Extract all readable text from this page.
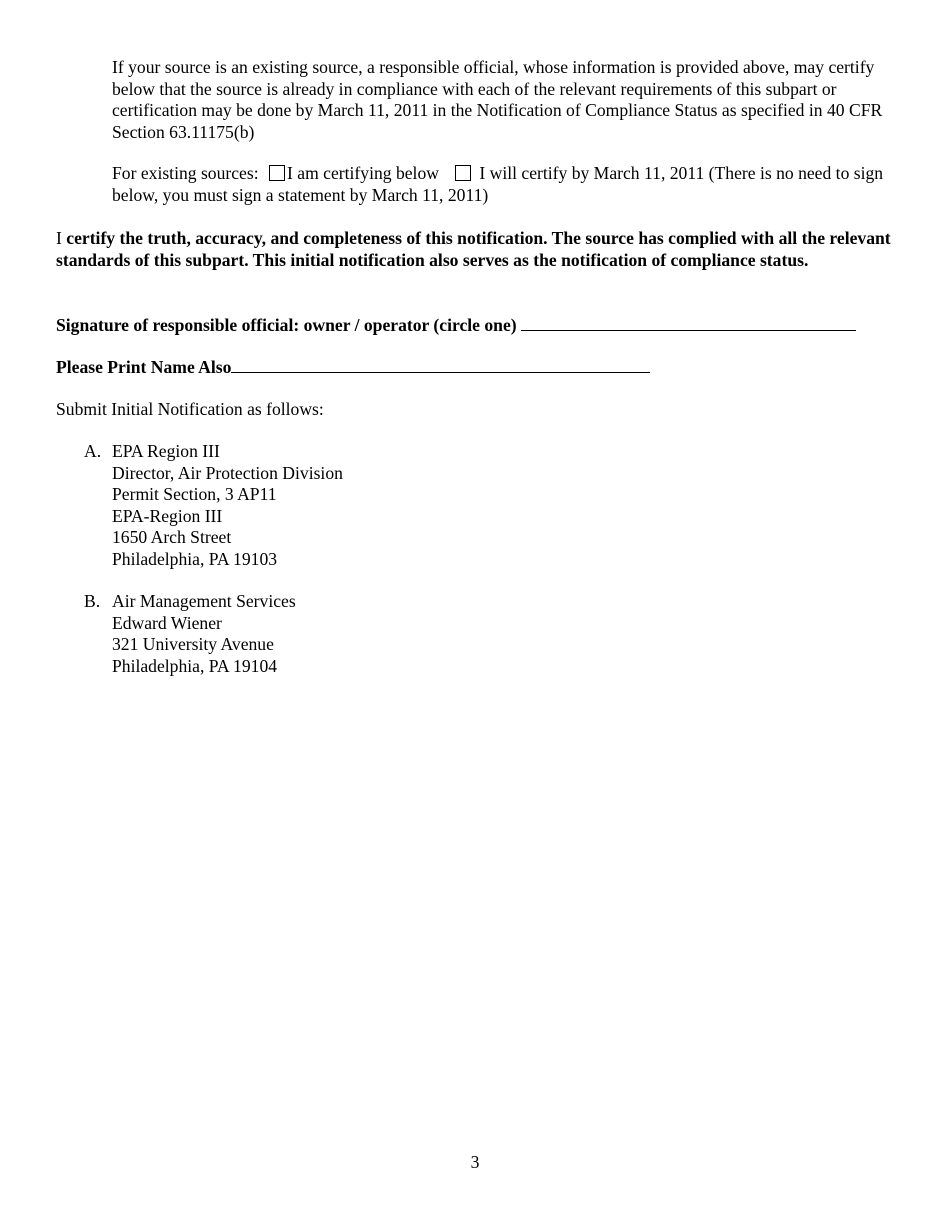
If your source is an existing source, a responsible official, whose information is provided above, may certify below that the source is already in compliance with each of the relevant requirements of this subpart or certification may be done by March 11, 2011 in the Notification of Compliance Status as specified in 40 CFR Section 63.11175(b)
For existing sources: I am certifying below I will certify by March 11, 2011 (There is no need to sign below, you must sign a statement by March 11, 2011)
I certify the truth, accuracy, and completeness of this notification. The source has complied with all the relevant standards of this subpart. This initial notification also serves as the notification of compliance status.
Signature of responsible official: owner / operator (circle one)
Please Print Name Also
Submit Initial Notification as follows:
A. EPA Region III
Director, Air Protection Division
Permit Section, 3 AP11
EPA-Region III
1650 Arch Street
Philadelphia, PA 19103
B. Air Management Services
Edward Wiener
321 University Avenue
Philadelphia, PA 19104
3
